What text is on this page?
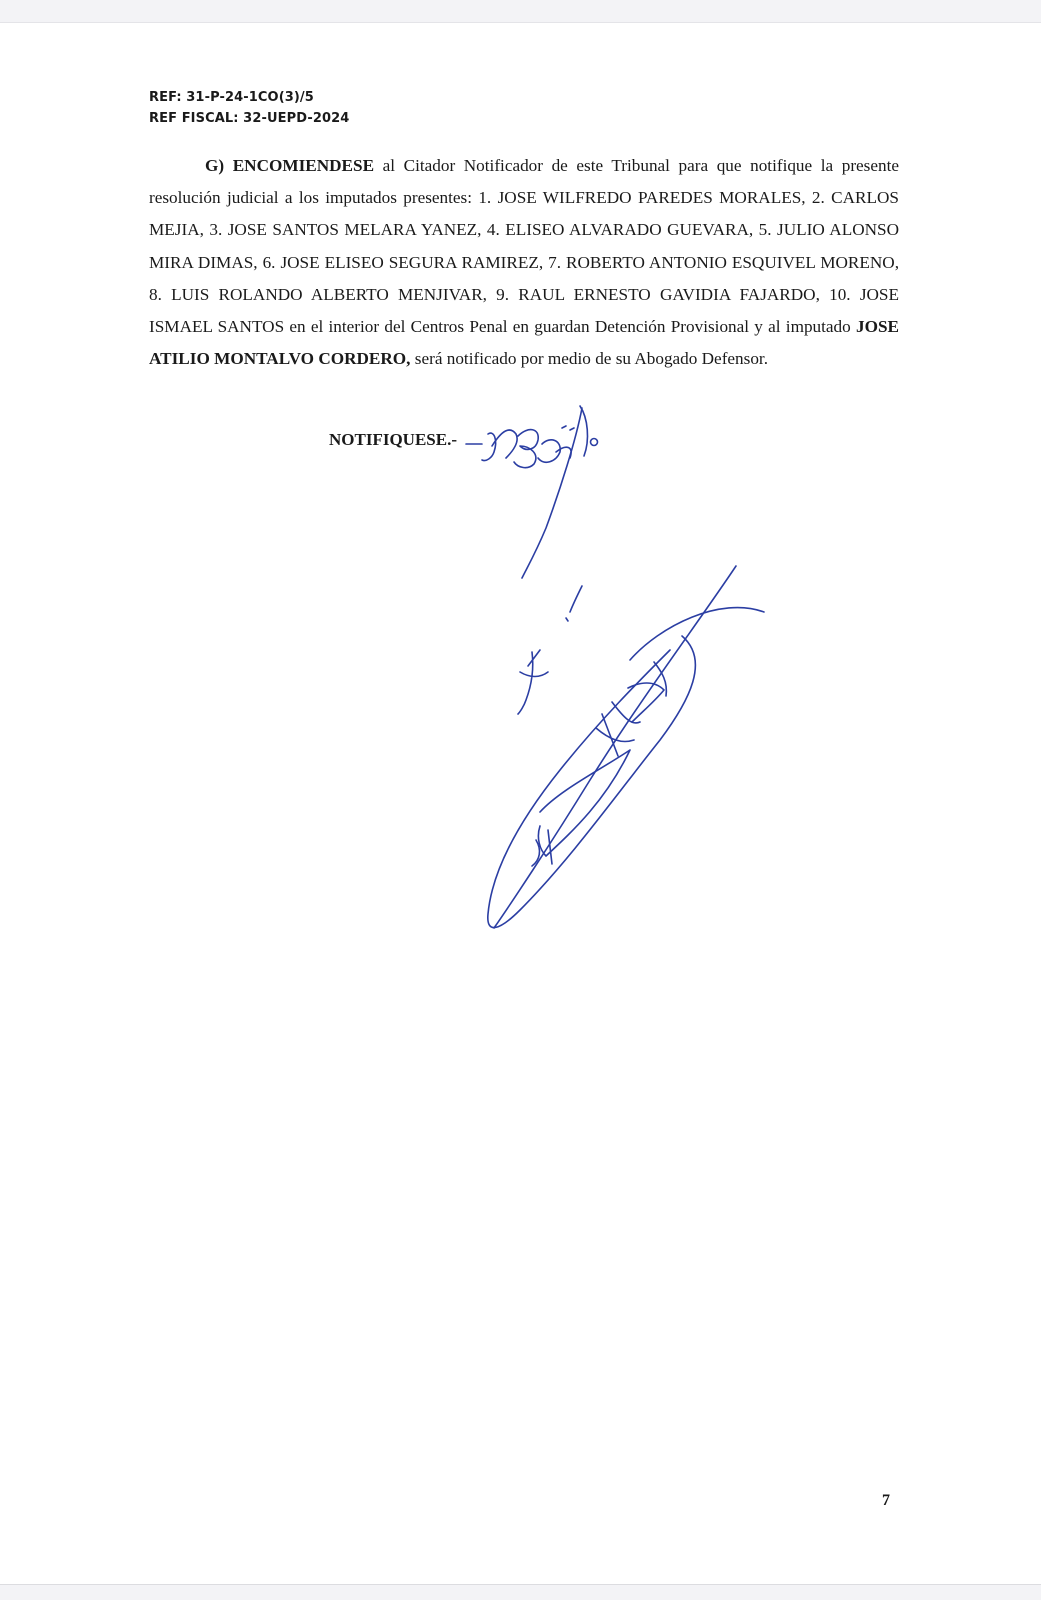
REF: 31-P-24-1CO(3)/5
REF FISCAL: 32-UEPD-2024

G) ENCOMIENDESE al Citador Notificador de este Tribunal para que notifique la presente resolución judicial a los imputados presentes: 1. JOSE WILFREDO PAREDES MORALES, 2. CARLOS MEJIA, 3. JOSE SANTOS MELARA YANEZ, 4. ELISEO ALVARADO GUEVARA, 5. JULIO ALONSO MIRA DIMAS, 6. JOSE ELISEO SEGURA RAMIREZ, 7. ROBERTO ANTONIO ESQUIVEL MORENO, 8. LUIS ROLANDO ALBERTO MENJIVAR, 9. RAUL ERNESTO GAVIDIA FAJARDO, 10. JOSE ISMAEL SANTOS en el interior del Centros Penal en guardan Detención Provisional y al imputado JOSE ATILIO MONTALVO CORDERO, será notificado por medio de su Abogado Defensor.

NOTIFIQUESE.-
7
